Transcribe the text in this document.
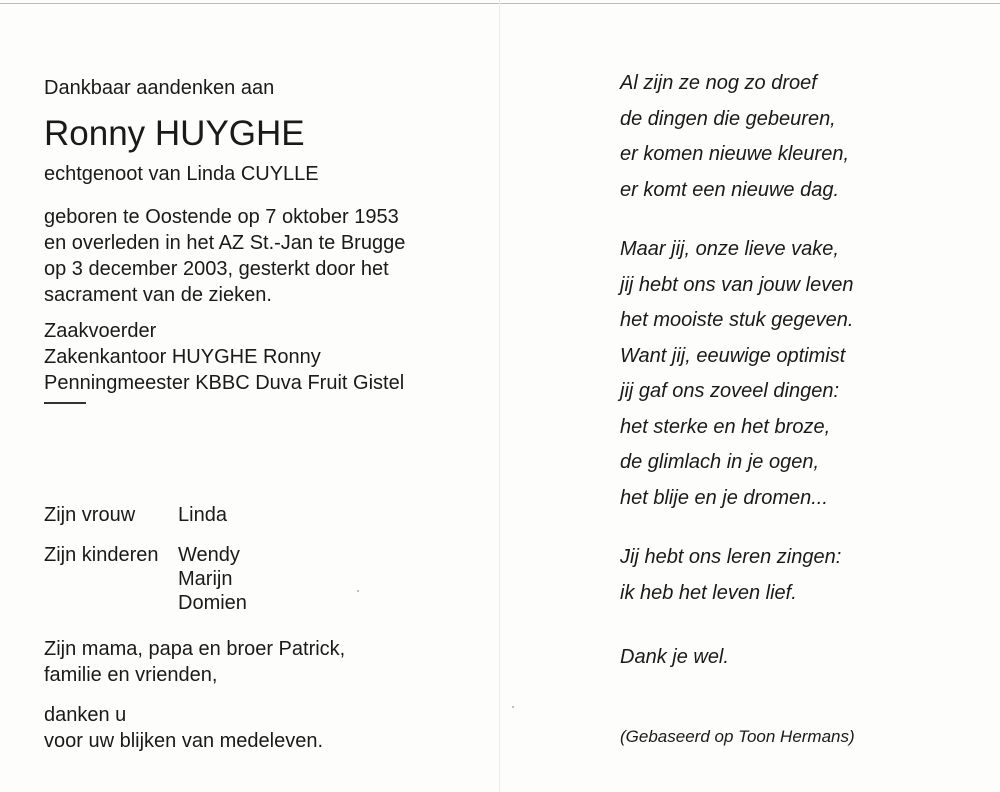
Dankbaar aandenken aan
Ronny HUYGHE
echtgenoot van Linda CUYLLE
geboren te Oostende op 7 oktober 1953
en overleden in het AZ St.-Jan te Brugge
op 3 december 2003, gesterkt door het
sacrament van de zieken.
Zaakvoerder
Zakenkantoor HUYGHE Ronny
Penningmeester KBBC Duva Fruit Gistel
Zijn vrouw Linda
Zijn kinderen Wendy
Marijn
Domien
Zijn mama, papa en broer Patrick,
familie en vrienden,
danken u
voor uw blijken van medeleven.
Al zijn ze nog zo droef
de dingen die gebeuren,
er komen nieuwe kleuren,
er komt een nieuwe dag.
Maar jij, onze lieve vake,
jij hebt ons van jouw leven
het mooiste stuk gegeven.
Want jij, eeuwige optimist
jij gaf ons zoveel dingen:
het sterke en het broze,
de glimlach in je ogen,
het blije en je dromen...
Jij hebt ons leren zingen:
ik heb het leven lief.
Dank je wel.
(Gebaseerd op Toon Hermans)
